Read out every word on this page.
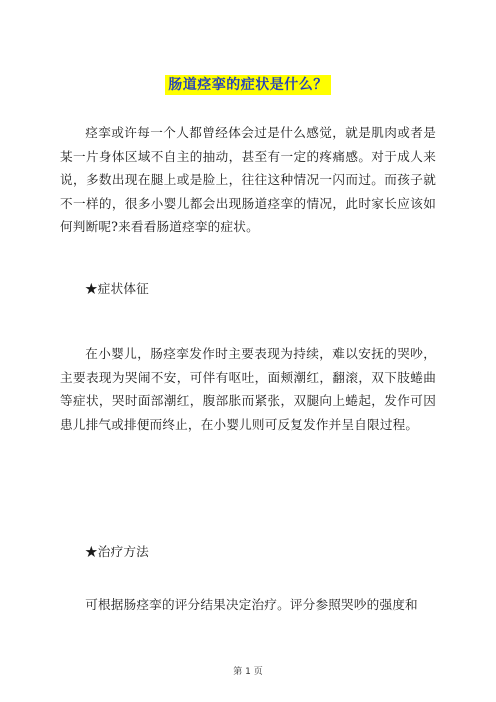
肠道痉挛的症状是什么？

痉挛或许每一个人都曾经体会过是什么感觉，就是肌肉或者是某一片身体区域不自主的抽动，甚至有一定的疼痛感。对于成人来说，多数出现在腿上或是脸上，往往这种情况一闪而过。而孩子就不一样的，很多小婴儿都会出现肠道痉挛的情况，此时家长应该如何判断呢?来看看肠道痉挛的症状。

★症状体征

在小婴儿，肠痉挛发作时主要表现为持续，难以安抚的哭吵，主要表现为哭闹不安，可伴有呕吐，面颊潮红，翻滚，双下肢蜷曲等症状，哭时面部潮红，腹部胀而紧张，双腿向上蜷起，发作可因患儿排气或排便而终止，在小婴儿则可反复发作并呈自限过程。

★治疗方法

可根据肠痉挛的评分结果决定治疗。评分参照哭吵的强度和

第 1 页
